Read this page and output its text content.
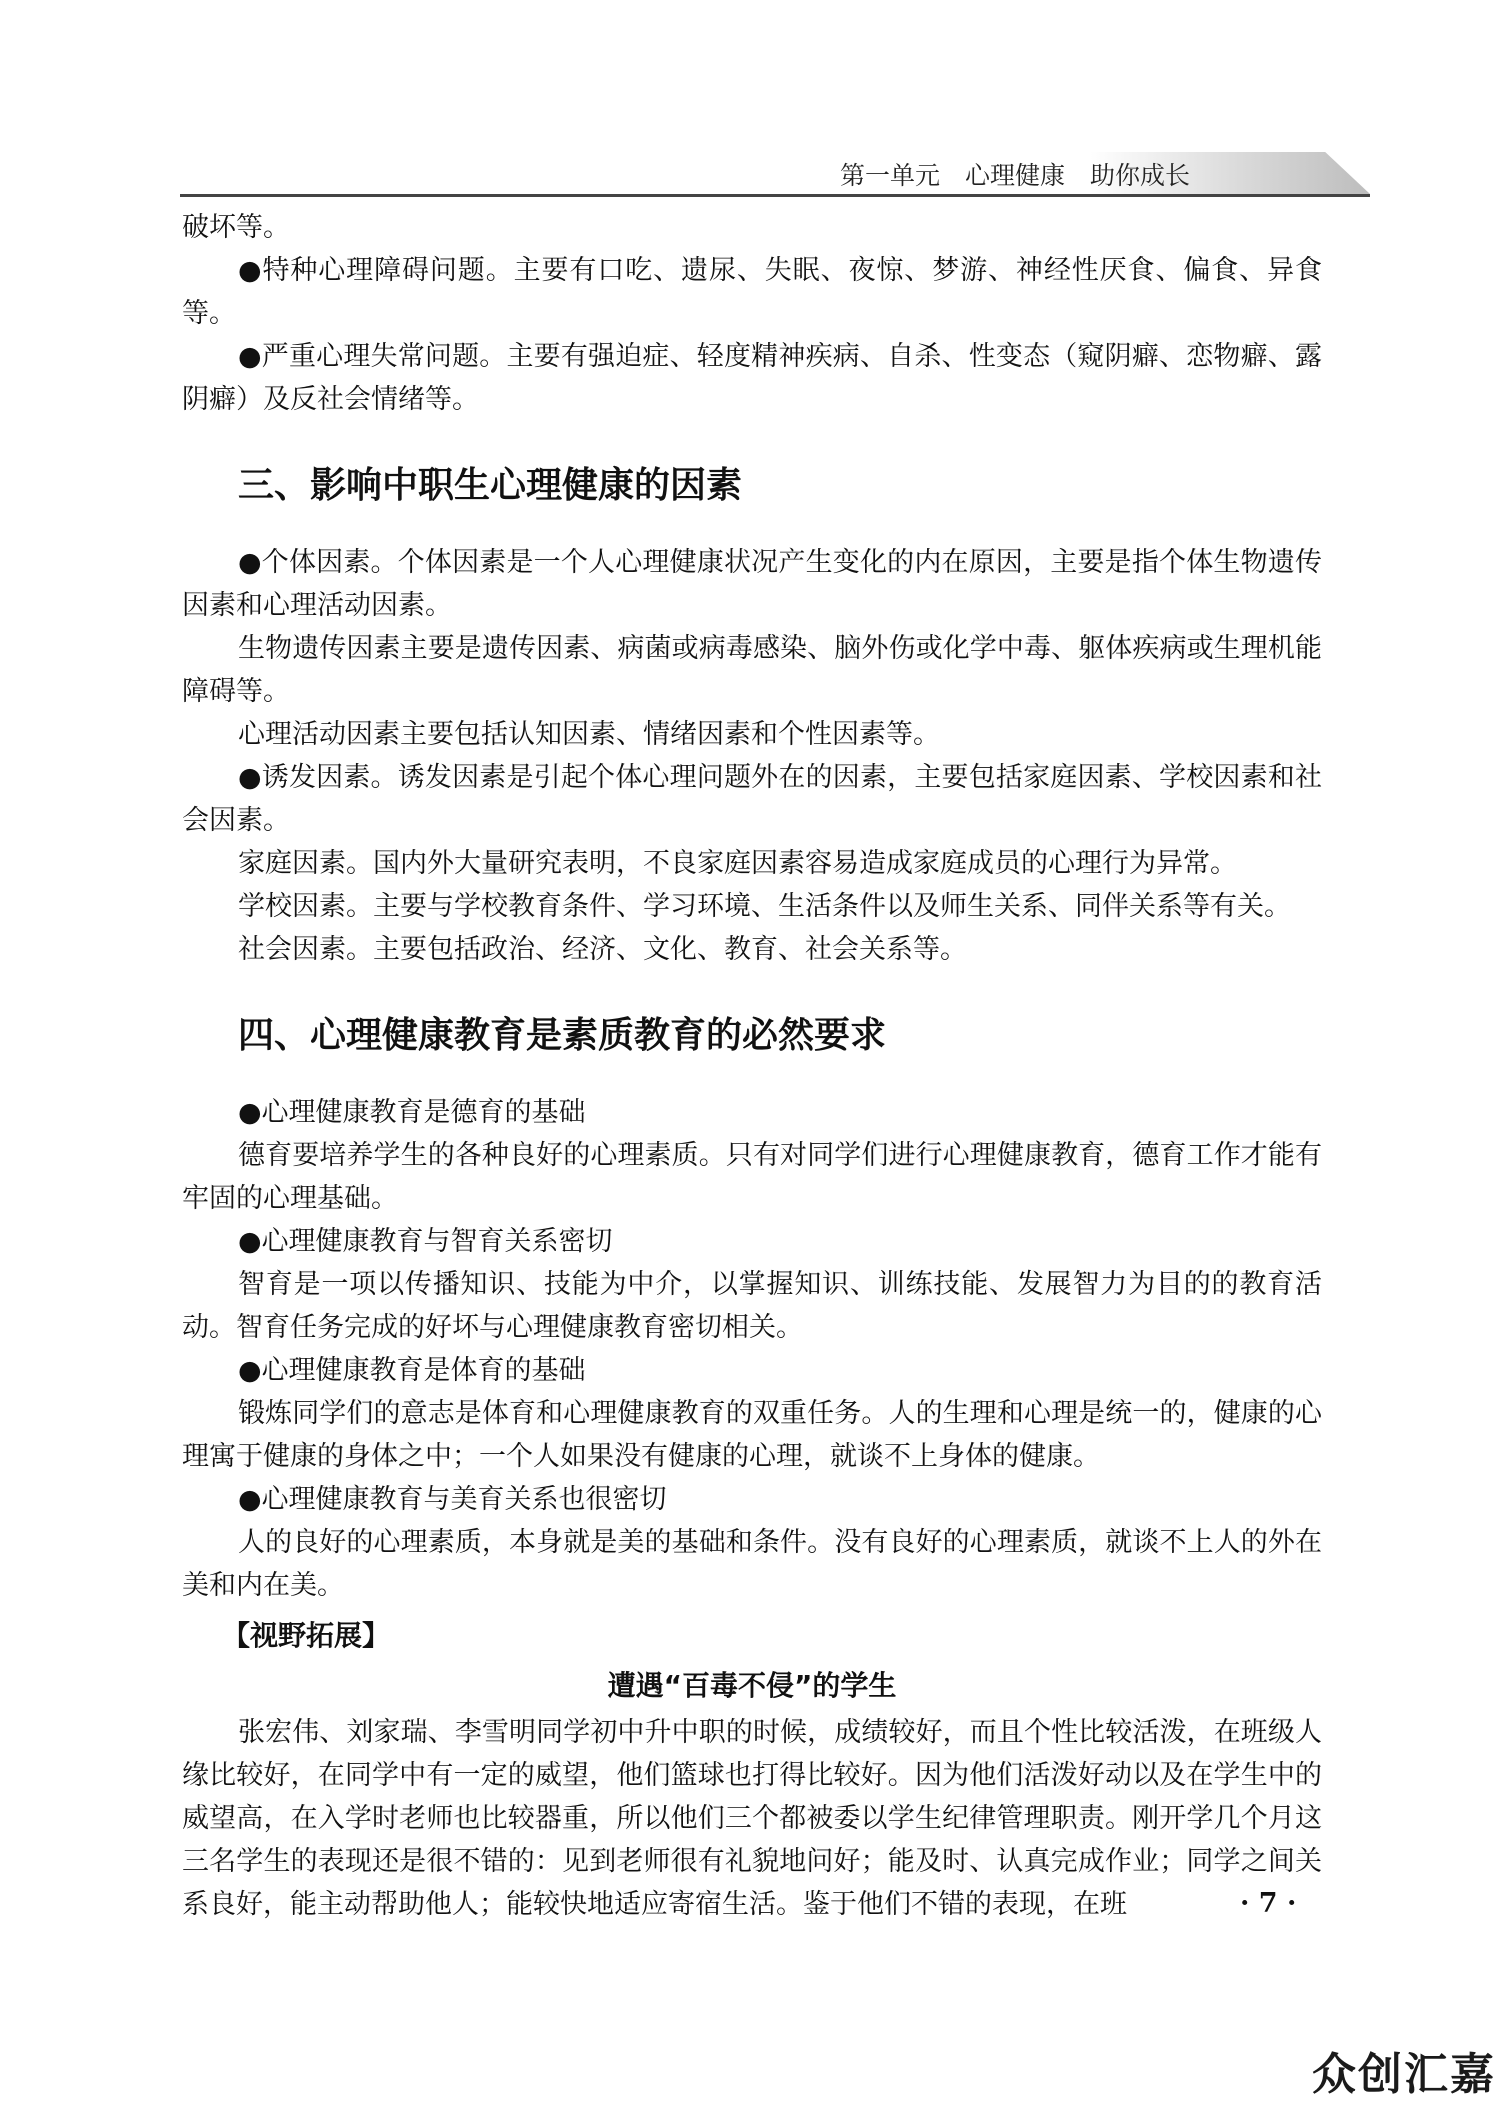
第一单元　心理健康　助你成长

破坏等。

●特种心理障碍问题。主要有口吃、遗尿、失眠、夜惊、梦游、神经性厌食、偏食、异食等。

●严重心理失常问题。主要有强迫症、轻度精神疾病、自杀、性变态（窥阴癖、恋物癖、露阴癖）及反社会情绪等。

三、影响中职生心理健康的因素

●个体因素。个体因素是一个人心理健康状况产生变化的内在原因，主要是指个体生物遗传因素和心理活动因素。

生物遗传因素主要是遗传因素、病菌或病毒感染、脑外伤或化学中毒、躯体疾病或生理机能障碍等。

心理活动因素主要包括认知因素、情绪因素和个性因素等。

●诱发因素。诱发因素是引起个体心理问题外在的因素，主要包括家庭因素、学校因素和社会因素。

家庭因素。国内外大量研究表明，不良家庭因素容易造成家庭成员的心理行为异常。

学校因素。主要与学校教育条件、学习环境、生活条件以及师生关系、同伴关系等有关。

社会因素。主要包括政治、经济、文化、教育、社会关系等。

四、心理健康教育是素质教育的必然要求

●心理健康教育是德育的基础

德育要培养学生的各种良好的心理素质。只有对同学们进行心理健康教育，德育工作才能有牢固的心理基础。

●心理健康教育与智育关系密切

智育是一项以传播知识、技能为中介，以掌握知识、训练技能、发展智力为目的的教育活动。智育任务完成的好坏与心理健康教育密切相关。

●心理健康教育是体育的基础

锻炼同学们的意志是体育和心理健康教育的双重任务。人的生理和心理是统一的，健康的心理寓于健康的身体之中；一个人如果没有健康的心理，就谈不上身体的健康。

●心理健康教育与美育关系也很密切

人的良好的心理素质，本身就是美的基础和条件。没有良好的心理素质，就谈不上人的外在美和内在美。

【视野拓展】
遭遇“百毒不侵”的学生

张宏伟、刘家瑞、李雪明同学初中升中职的时候，成绩较好，而且个性比较活泼，在班级人缘比较好，在同学中有一定的威望，他们篮球也打得比较好。因为他们活泼好动以及在学生中的威望高，在入学时老师也比较器重，所以他们三个都被委以学生纪律管理职责。刚开学几个月这三名学生的表现还是很不错的：见到老师很有礼貌地问好；能及时、认真完成作业；同学之间关系良好，能主动帮助他人；能较快地适应寄宿生活。鉴于他们不错的表现，在班	· 7 ·
众创汇嘉
